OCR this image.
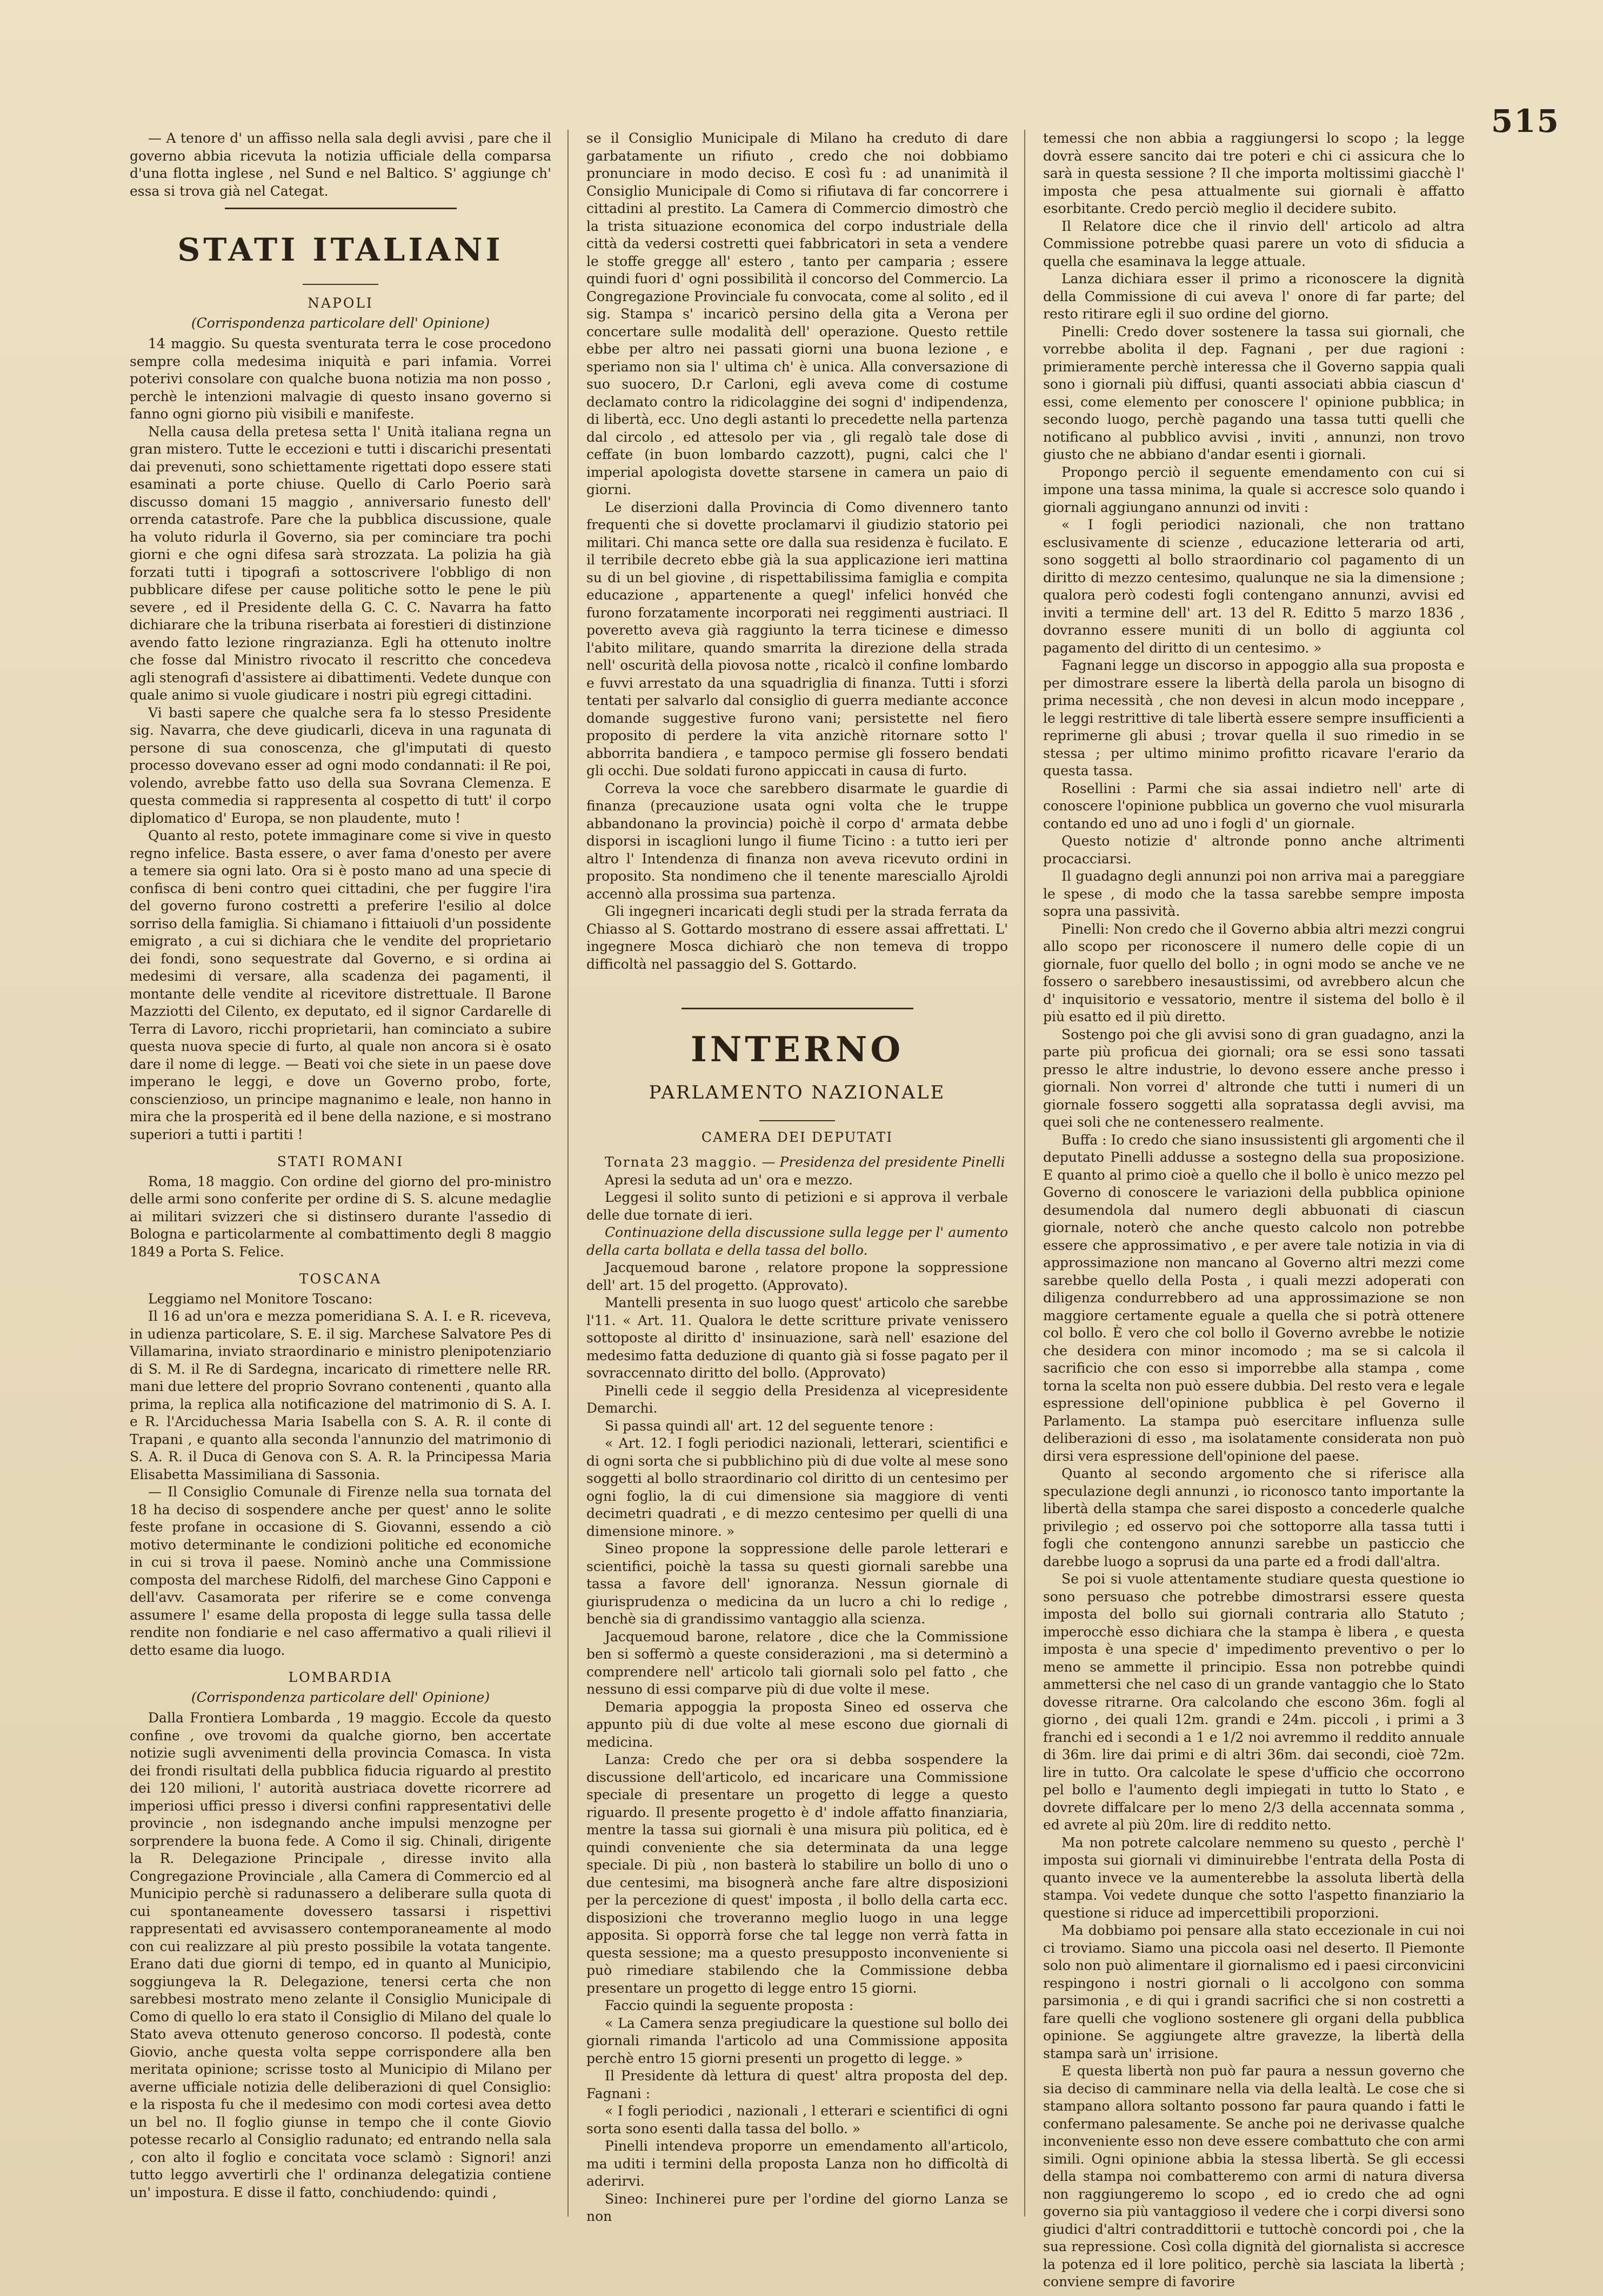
515

— A tenore d' un affisso nella sala degli avvisi , pare che il governo abbia ricevuta la notizia ufficiale della comparsa d'una flotta inglese , nel Sund e nel Baltico. S' aggiunge ch' essa si trova già nel Categat.

STATI ITALIANI
NAPOLI
(Corrispondenza particolare dell' Opinione)

14 maggio. Su questa sventurata terra le cose procedono sempre colla medesima iniquità e pari infamia. Vorrei poterivi consolare con qualche buona notizia ma non posso , perchè le intenzioni malvagie di questo insano governo si fanno ogni giorno più visibili e manifeste.

Nella causa della pretesa setta l' Unità italiana regna un gran mistero. Tutte le eccezioni e tutti i discarichi presentati dai prevenuti, sono schiettamente rigettati dopo essere stati esaminati a porte chiuse. Quello di Carlo Poerio sarà discusso domani 15 maggio , anniversario funesto dell' orrenda catastrofe. Pare che la pubblica discussione, quale ha voluto ridurla il Governo, sia per cominciare tra pochi giorni e che ogni difesa sarà strozzata. La polizia ha già forzati tutti i tipografi a sottoscrivere l'obbligo di non pubblicare difese per cause politiche sotto le pene le più severe , ed il Presidente della G. C. C. Navarra ha fatto dichiarare che la tribuna riserbata ai forestieri di distinzione avendo fatto lezione ringrazianza. Egli ha ottenuto inoltre che fosse dal Ministro rivocato il rescritto che concedeva agli stenografi d'assistere ai dibattimenti. Vedete dunque con quale animo si vuole giudicare i nostri più egregi cittadini.

Vi basti sapere che qualche sera fa lo stesso Presidente sig. Navarra, che deve giudicarli, diceva in una ragunata di persone di sua conoscenza, che gl'imputati di questo processo dovevano esser ad ogni modo condannati: il Re poi, volendo, avrebbe fatto uso della sua Sovrana Clemenza. E questa commedia si rappresenta al cospetto di tutt' il corpo diplomatico d' Europa, se non plaudente, muto !

Quanto al resto, potete immaginare come si vive in questo regno infelice. Basta essere, o aver fama d'onesto per avere a temere sia ogni lato. Ora si è posto mano ad una specie di confisca di beni contro quei cittadini, che per fuggire l'ira del governo furono costretti a preferire l'esilio al dolce sorriso della famiglia. Si chiamano i fittaiuoli d'un possidente emigrato , a cui si dichiara che le vendite del proprietario dei fondi, sono sequestrate dal Governo, e si ordina ai medesimi di versare, alla scadenza dei pagamenti, il montante delle vendite al ricevitore distrettuale. Il Barone Mazziotti del Cilento, ex deputato, ed il signor Cardarelle di Terra di Lavoro, ricchi proprietarii, han cominciato a subire questa nuova specie di furto, al quale non ancora si è osato dare il nome di legge. — Beati voi che siete in un paese dove imperano le leggi, e dove un Governo probo, forte, conscienzioso, un principe magnanimo e leale, non hanno in mira che la prosperità ed il bene della nazione, e si mostrano superiori a tutti i partiti !

STATI ROMANI

Roma, 18 maggio. Con ordine del giorno del pro-ministro delle armi sono conferite per ordine di S. S. alcune medaglie ai militari svizzeri che si distinsero durante l'assedio di Bologna e particolarmente al combattimento degli 8 maggio 1849 a Porta S. Felice.

TOSCANA

Leggiamo nel Monitore Toscano:

Il 16 ad un'ora e mezza pomeridiana S. A. I. e R. riceveva, in udienza particolare, S. E. il sig. Marchese Salvatore Pes di Villamarina, inviato straordinario e ministro plenipotenziario di S. M. il Re di Sardegna, incaricato di rimettere nelle RR. mani due lettere del proprio Sovrano contenenti , quanto alla prima, la replica alla notificazione del matrimonio di S. A. I. e R. l'Arciduchessa Maria Isabella con S. A. R. il conte di Trapani , e quanto alla seconda l'annunzio del matrimonio di S. A. R. il Duca di Genova con S. A. R. la Principessa Maria Elisabetta Massimiliana di Sassonia.

— Il Consiglio Comunale di Firenze nella sua tornata del 18 ha deciso di sospendere anche per quest' anno le solite feste profane in occasione di S. Giovanni, essendo a ciò motivo determinante le condizioni politiche ed economiche in cui si trova il paese. Nominò anche una Commissione composta del marchese Ridolfi, del marchese Gino Capponi e dell'avv. Casamorata per riferire se e come convenga assumere l' esame della proposta di legge sulla tassa delle rendite non fondiarie e nel caso affermativo a quali rilievi il detto esame dia luogo.

LOMBARDIA
(Corrispondenza particolare dell' Opinione)

Dalla Frontiera Lombarda , 19 maggio. Eccole da questo confine , ove trovomi da qualche giorno, ben accertate notizie sugli avvenimenti della provincia Comasca. In vista dei frondi risultati della pubblica fiducia riguardo al prestito dei 120 milioni, l' autorità austriaca dovette ricorrere ad imperiosi uffici presso i diversi confini rappresentativi delle provincie , non isdegnando anche impulsi menzogne per sorprendere la buona fede. A Como il sig. Chinali, dirigente la R. Delegazione Principale , diresse invito alla Congregazione Provinciale , alla Camera di Commercio ed al Municipio perchè si radunassero a deliberare sulla quota di cui spontaneamente dovessero tassarsi i rispettivi rappresentati ed avvisassero contemporaneamente al modo con cui realizzare al più presto possibile la votata tangente. Erano dati due giorni di tempo, ed in quanto al Municipio, soggiungeva la R. Delegazione, tenersi certa che non sarebbesi mostrato meno zelante il Consiglio Municipale di Como di quello lo era stato il Consiglio di Milano del quale lo Stato aveva ottenuto generoso concorso. Il podestà, conte Giovio, anche questa volta seppe corrispondere alla ben meritata opinione; scrisse tosto al Municipio di Milano per averne ufficiale notizia delle deliberazioni di quel Consiglio: e la risposta fu che il medesimo con modi cortesi avea detto un bel no. Il foglio giunse in tempo che il conte Giovio potesse recarlo al Consiglio radunato; ed entrando nella sala , con alto il foglio e concitata voce sclamò : Signori! anzi tutto leggo avvertirli che l' ordinanza delegatizia contiene un' impostura. E disse il fatto, conchiudendo: quindi ,

se il Consiglio Municipale di Milano ha creduto di dare garbatamente un rifiuto , credo che noi dobbiamo pronunciare in modo deciso. E così fu : ad unanimità il Consiglio Municipale di Como si rifiutava di far concorrere i cittadini al prestito. La Camera di Commercio dimostrò che la trista situazione economica del corpo industriale della città da vedersi costretti quei fabbricatori in seta a vendere le stoffe gregge all' estero , tanto per camparia ; essere quindi fuori d' ogni possibilità il concorso del Commercio. La Congregazione Provinciale fu convocata, come al solito , ed il sig. Stampa s' incaricò persino della gita a Verona per concertare sulle modalità dell' operazione. Questo rettile ebbe per altro nei passati giorni una buona lezione , e speriamo non sia l' ultima ch' è unica. Alla conversazione di suo suocero, D.r Carloni, egli aveva come di costume declamato contro la ridicolaggine dei sogni d' indipendenza, di libertà, ecc. Uno degli astanti lo precedette nella partenza dal circolo , ed attesolo per via , gli regalò tale dose di ceffate (in buon lombardo cazzott), pugni, calci che l' imperial apologista dovette starsene in camera un paio di giorni.

Le diserzioni dalla Provincia di Como divennero tanto frequenti che si dovette proclamarvi il giudizio statorio pei militari. Chi manca sette ore dalla sua residenza è fucilato. E il terribile decreto ebbe già la sua applicazione ieri mattina su di un bel giovine , di rispettabilissima famiglia e compita educazione , appartenente a quegl' infelici honvéd che furono forzatamente incorporati nei reggimenti austriaci. Il poveretto aveva già raggiunto la terra ticinese e dimesso l'abito militare, quando smarrita la direzione della strada nell' oscurità della piovosa notte , ricalcò il confine lombardo e fuvvi arrestato da una squadriglia di finanza. Tutti i sforzi tentati per salvarlo dal consiglio di guerra mediante acconce domande suggestive furono vani; persistette nel fiero proposito di perdere la vita anzichè ritornare sotto l' abborrita bandiera , e tampoco permise gli fossero bendati gli occhi. Due soldati furono appiccati in causa di furto.

Correva la voce che sarebbero disarmate le guardie di finanza (precauzione usata ogni volta che le truppe abbandonano la provincia) poichè il corpo d' armata debbe disporsi in iscaglioni lungo il fiume Ticino : a tutto ieri per altro l' Intendenza di finanza non aveva ricevuto ordini in proposito. Sta nondimeno che il tenente maresciallo Ajroldi accennò alla prossima sua partenza.

Gli ingegneri incaricati degli studi per la strada ferrata da Chiasso al S. Gottardo mostrano di essere assai affrettati. L' ingegnere Mosca dichiarò che non temeva di troppo difficoltà nel passaggio del S. Gottardo.

INTERNO
PARLAMENTO NAZIONALE
CAMERA DEI DEPUTATI

Tornata 23 maggio. — Presidenza del presidente Pinelli

Apresi la seduta ad un' ora e mezzo.

Leggesi il solito sunto di petizioni e si approva il verbale delle due tornate di ieri.

Continuazione della discussione sulla legge per l' aumento della carta bollata e della tassa del bollo.

Jacquemoud barone , relatore propone la soppressione dell' art. 15 del progetto. (Approvato).

Mantelli presenta in suo luogo quest' articolo che sarebbe l'11. « Art. 11. Qualora le dette scritture private venissero sottoposte al diritto d' insinuazione, sarà nell' esazione del medesimo fatta deduzione di quanto già si fosse pagato per il sovraccennato diritto del bollo. (Approvato)

Pinelli cede il seggio della Presidenza al vicepresidente Demarchi.

Si passa quindi all' art. 12 del seguente tenore :

« Art. 12. I fogli periodici nazionali, letterari, scientifici e di ogni sorta che si pubblichino più di due volte al mese sono soggetti al bollo straordinario col diritto di un centesimo per ogni foglio, la di cui dimensione sia maggiore di venti decimetri quadrati , e di mezzo centesimo per quelli di una dimensione minore. »

Sineo propone la soppressione delle parole letterari e scientifici, poichè la tassa su questi giornali sarebbe una tassa a favore dell' ignoranza. Nessun giornale di giurisprudenza o medicina da un lucro a chi lo redige , benchè sia di grandissimo vantaggio alla scienza.

Jacquemoud barone, relatore , dice che la Commissione ben si soffermò a queste considerazioni , ma si determinò a comprendere nell' articolo tali giornali solo pel fatto , che nessuno di essi comparve più di due volte il mese.

Demaria appoggia la proposta Sineo ed osserva che appunto più di due volte al mese escono due giornali di medicina.

Lanza: Credo che per ora si debba sospendere la discussione dell'articolo, ed incaricare una Commissione speciale di presentare un progetto di legge a questo riguardo. Il presente progetto è d' indole affatto finanziaria, mentre la tassa sui giornali è una misura più politica, ed è quindi conveniente che sia determinata da una legge speciale. Di più , non basterà lo stabilire un bollo di uno o due centesimi, ma bisognerà anche fare altre disposizioni per la percezione di quest' imposta , il bollo della carta ecc. disposizioni che troveranno meglio luogo in una legge apposita. Si opporrà forse che tal legge non verrà fatta in questa sessione; ma a questo presupposto inconveniente si può rimediare stabilendo che la Commissione debba presentare un progetto di legge entro 15 giorni.

Faccio quindi la seguente proposta :

« La Camera senza pregiudicare la questione sul bollo dei giornali rimanda l'articolo ad una Commissione apposita perchè entro 15 giorni presenti un progetto di legge. »

Il Presidente dà lettura di quest' altra proposta del dep. Fagnani :

« I fogli periodici , nazionali , l etterari e scientifici di ogni sorta sono esenti dalla tassa del bollo. »

Pinelli intendeva proporre un emendamento all'articolo, ma uditi i termini della proposta Lanza non ho difficoltà di aderirvi.

Sineo: Inchinerei pure per l'ordine del giorno Lanza se non

temessi che non abbia a raggiungersi lo scopo ; la legge dovrà essere sancito dai tre poteri e chi ci assicura che lo sarà in questa sessione ? Il che importa moltissimi giacchè l' imposta che pesa attualmente sui giornali è affatto esorbitante. Credo perciò meglio il decidere subito.

Il Relatore dice che il rinvio dell' articolo ad altra Commissione potrebbe quasi parere un voto di sfiducia a quella che esaminava la legge attuale.

Lanza dichiara esser il primo a riconoscere la dignità della Commissione di cui aveva l' onore di far parte; del resto ritirare egli il suo ordine del giorno.

Pinelli: Credo dover sostenere la tassa sui giornali, che vorrebbe abolita il dep. Fagnani , per due ragioni : primieramente perchè interessa che il Governo sappia quali sono i giornali più diffusi, quanti associati abbia ciascun d' essi, come elemento per conoscere l' opinione pubblica; in secondo luogo, perchè pagando una tassa tutti quelli che notificano al pubblico avvisi , inviti , annunzi, non trovo giusto che ne abbiano d'andar esenti i giornali.

Propongo perciò il seguente emendamento con cui si impone una tassa minima, la quale si accresce solo quando i giornali aggiungano annunzi od inviti :

« I fogli periodici nazionali, che non trattano esclusivamente di scienze , educazione letteraria od arti, sono soggetti al bollo straordinario col pagamento di un diritto di mezzo centesimo, qualunque ne sia la dimensione ; qualora però codesti fogli contengano annunzi, avvisi ed inviti a termine dell' art. 13 del R. Editto 5 marzo 1836 , dovranno essere muniti di un bollo di aggiunta col pagamento del diritto di un centesimo. »

Fagnani legge un discorso in appoggio alla sua proposta e per dimostrare essere la libertà della parola un bisogno di prima necessità , che non devesi in alcun modo inceppare , le leggi restrittive di tale libertà essere sempre insufficienti a reprimerne gli abusi ; trovar quella il suo rimedio in se stessa ; per ultimo minimo profitto ricavare l'erario da questa tassa.

Rosellini : Parmi che sia assai indietro nell' arte di conoscere l'opinione pubblica un governo che vuol misurarla contando ed uno ad uno i fogli d' un giornale.

Questo notizie d' altronde ponno anche altrimenti procacciarsi.

Il guadagno degli annunzi poi non arriva mai a pareggiare le spese , di modo che la tassa sarebbe sempre imposta sopra una passività.

Pinelli: Non credo che il Governo abbia altri mezzi congrui allo scopo per riconoscere il numero delle copie di un giornale, fuor quello del bollo ; in ogni modo se anche ve ne fossero o sarebbero inesaustissimi, od avrebbero alcun che d' inquisitorio e vessatorio, mentre il sistema del bollo è il più esatto ed il più diretto.

Sostengo poi che gli avvisi sono di gran guadagno, anzi la parte più proficua dei giornali; ora se essi sono tassati presso le altre industrie, lo devono essere anche presso i giornali. Non vorrei d' altronde che tutti i numeri di un giornale fossero soggetti alla sopratassa degli avvisi, ma quei soli che ne contenessero realmente.

Buffa : Io credo che siano insussistenti gli argomenti che il deputato Pinelli addusse a sostegno della sua proposizione. E quanto al primo cioè a quello che il bollo è unico mezzo pel Governo di conoscere le variazioni della pubblica opinione desumendola dal numero degli abbuonati di ciascun giornale, noterò che anche questo calcolo non potrebbe essere che approssimativo , e per avere tale notizia in via di approssimazione non mancano al Governo altri mezzi come sarebbe quello della Posta , i quali mezzi adoperati con diligenza condurrebbero ad una approssimazione se non maggiore certamente eguale a quella che si potrà ottenere col bollo. È vero che col bollo il Governo avrebbe le notizie che desidera con minor incomodo ; ma se si calcola il sacrificio che con esso si imporrebbe alla stampa , come torna la scelta non può essere dubbia. Del resto vera e legale espressione dell'opinione pubblica è pel Governo il Parlamento. La stampa può esercitare influenza sulle deliberazioni di esso , ma isolatamente considerata non può dirsi vera espressione dell'opinione del paese.

Quanto al secondo argomento che si riferisce alla speculazione degli annunzi , io riconosco tanto importante la libertà della stampa che sarei disposto a concederle qualche privilegio ; ed osservo poi che sottoporre alla tassa tutti i fogli che contengono annunzi sarebbe un pasticcio che darebbe luogo a soprusi da una parte ed a frodi dall'altra.

Se poi si vuole attentamente studiare questa questione io sono persuaso che potrebbe dimostrarsi essere questa imposta del bollo sui giornali contraria allo Statuto ; imperocchè esso dichiara che la stampa è libera , e questa imposta è una specie d' impedimento preventivo o per lo meno se ammette il principio. Essa non potrebbe quindi ammettersi che nel caso di un grande vantaggio che lo Stato dovesse ritrarne. Ora calcolando che escono 36m. fogli al giorno , dei quali 12m. grandi e 24m. piccoli , i primi a 3 franchi ed i secondi a 1 e 1/2 noi avremmo il reddito annuale di 36m. lire dai primi e di altri 36m. dai secondi, cioè 72m. lire in tutto. Ora calcolate le spese d'ufficio che occorrono pel bollo e l'aumento degli impiegati in tutto lo Stato , e dovrete diffalcare per lo meno 2/3 della accennata somma , ed avrete al più 20m. lire di reddito netto.

Ma non potrete calcolare nemmeno su questo , perchè l' imposta sui giornali vi diminuirebbe l'entrata della Posta di quanto invece ve la aumenterebbe la assoluta libertà della stampa. Voi vedete dunque che sotto l'aspetto finanziario la questione si riduce ad impercettibili proporzioni.

Ma dobbiamo poi pensare alla stato eccezionale in cui noi ci troviamo. Siamo una piccola oasi nel deserto. Il Piemonte solo non può alimentare il giornalismo ed i paesi circonvicini respingono i nostri giornali o li accolgono con somma parsimonia , e di qui i grandi sacrifici che si non costretti a fare quelli che vogliono sostenere gli organi della pubblica opinione. Se aggiungete altre gravezze, la libertà della stampa sarà un' irrisione.

E questa libertà non può far paura a nessun governo che sia deciso di camminare nella via della lealtà. Le cose che si stampano allora soltanto possono far paura quando i fatti le confermano palesamente. Se anche poi ne derivasse qualche inconveniente esso non deve essere combattuto che con armi simili. Ogni opinione abbia la stessa libertà. Se gli eccessi della stampa noi combatteremo con armi di natura diversa non raggiungeremo lo scopo , ed io credo che ad ogni governo sia più vantaggioso il vedere che i corpi diversi sono giudici d'altri contraddittorii e tuttochè concordi poi , che la sua repressione. Così colla dignità del giornalista si accresce la potenza ed il lore politico, perchè sia lasciata la libertà ; conviene sempre di favorire
